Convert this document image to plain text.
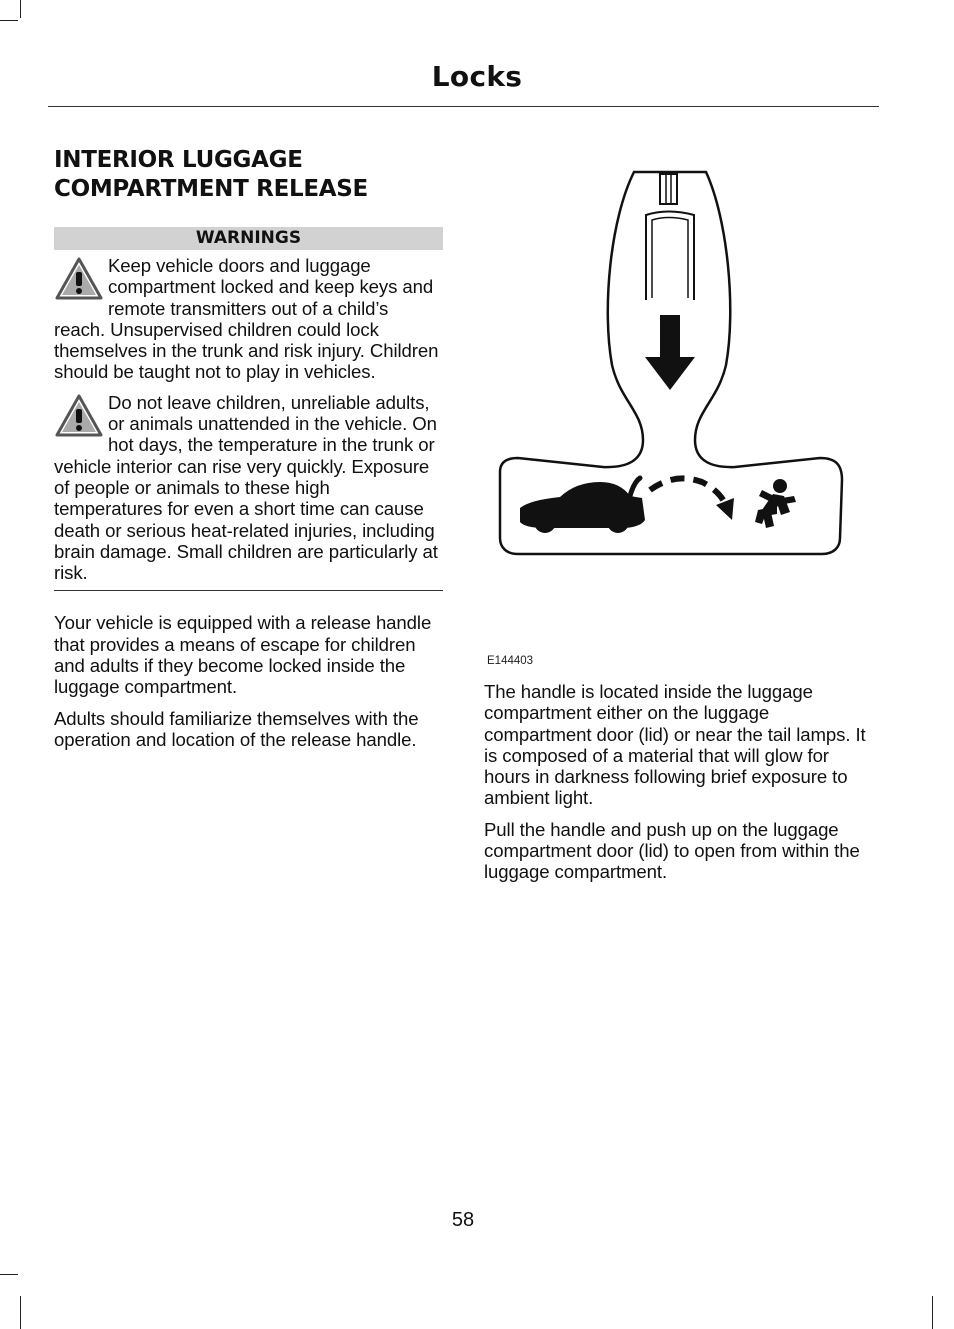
Locks
INTERIOR LUGGAGE
COMPARTMENT RELEASE
WARNINGS
Keep vehicle doors and luggage compartment locked and keep keys and remote transmitters out of a child’s reach. Unsupervised children could lock themselves in the trunk and risk injury. Children should be taught not to play in vehicles.
Do not leave children, unreliable adults, or animals unattended in the vehicle. On hot days, the temperature in the trunk or vehicle interior can rise very quickly. Exposure of people or animals to these high temperatures for even a short time can cause death or serious heat-related injuries, including brain damage. Small children are particularly at risk.

Your vehicle is equipped with a release handle that provides a means of escape for children and adults if they become locked inside the luggage compartment.

Adults should familiarize themselves with the operation and location of the release handle.

E144403

The handle is located inside the luggage compartment either on the luggage compartment door (lid) or near the tail lamps. It is composed of a material that will glow for hours in darkness following brief exposure to ambient light.

Pull the handle and push up on the luggage compartment door (lid) to open from within the luggage compartment.

58
